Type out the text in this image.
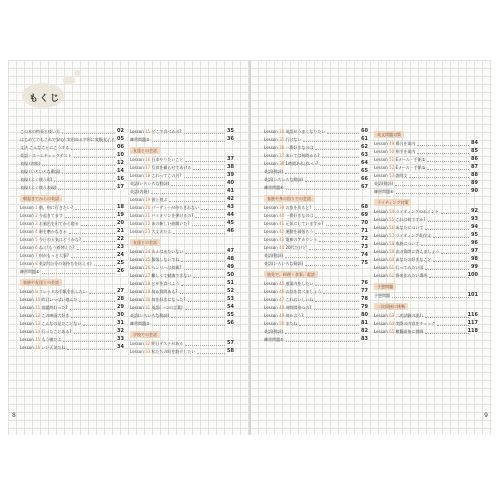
もくじ
この本の特長と使い方	02
はじめてでもこれで安心! 実用ゆる字形に変換ガイド 05
文法 こんなことにこうする	06
英語・ホームチェックテスト	10
表現 (初級)	12
表現 (いろいろな動詞)	14
表現 (よく使う形)	16
表現 (よく使う表現)	17
朝起きてからの英語
Lesson 1 朝、何に行きたい?	18
Lesson 2 今起きてます	19
Lesson 3 お風呂を出てから寝る	20
Lesson 4 歯を磨かなきゃ	21
Lesson 5 今日の天気はどうかな?	22
Lesson 6 ねえ!もう着替えた?	23
Lesson 7 何がもっと大事?	24
Lesson 8 英語!(自分の気持ちを伝える)	25
練習問題①	26
家族や友達との会話
Lesson 9 フレッドの手紙を出したい	27
Lesson 10 昨日いっぱい遊んだ	28
Lesson 11 宿題終わった?	29
Lesson 12 この映画大好き	30
Lesson 13 こんなの見たことない	31
Lesson 14 行ったことある?	32
Lesson 15 もう朝だよ	33
Lesson 16 いい天気だね	34
Lesson 15 どこで食べるの?	35
練習問題②	36
友達との会話
Lesson 16 日本やりたいこと	37
Lesson 17 写真を撮らせてあげる	38
Lesson 18 これってこの辺?	39
英語(いろいろな動詞)	40
英語(表現)	41
Lesson 19 彼と遊ぶ	42
Lesson 20 パーティーが待ちきれない	43
Lesson 21 バイオリンを弾けるの?	44
Lesson 22 あの新しい曲聞いた?	45
Lesson 23 大丈夫だよ	46
友達との会話
Lesson 24 カナはまだいない	47
Lesson 25 緊張しないでね	48
Lesson 26 ヘンリーは何歳?	49
Lesson 27 難しくて勉強できない	50
Lesson 28 ピザを食べよう	51
Lesson 29 何か質問ある?	52
Lesson 30 何を好きになった?	53
Lesson 31 英語(一つの言葉)	54
英語(いろいろな動詞)	55
練習問題③	56
学校での会話
Lesson 32 明日テストがある	57
Lesson 33 私たちの町を紹介したい	58
8
Lesson 34 英語がうまくなりたい	60
Lesson 35 行けない	61
Lesson 36 一番好きなのは	62
Lesson 37 あいては何時から?	63
Lesson 38 1時間あればいい?	64
英語(動詞)	65
英語(いろいろな動詞)	66
練習問題④	67
家族や身の回りでの会話
Lesson 39 お家を出ると?	68
Lesson 40 一番好きなのは	69
Lesson 41 元気にしていますか?	70
Lesson 42 運動を頑張ろう	71
Lesson 43 電車のアカウント	72
Lesson 44 20代だけど	73
英語(動詞)	74
英語(いろいろな動詞)	75
旅先で、料理・食事、電話
Lesson 45 道案内をしたい	76
Lesson 46 お昼を食べましょう	77
Lesson 47 これおいしいね	78
Lesson 48 何時間待つの?	79
Lesson 49 何か言う?	80
Lesson 50 またね	81
英語(動詞)	82
練習問題⑤	83
英文問題対策
Lesson 49 場合を案内	84
Lesson 50 相手を案内	85
Lesson 51 Eメール・手紙①	86
Lesson 52 Eメール・手紙②	87
Lesson 53 説明文	88
英語(動詞)	89
練習問題⑥	90
ライティング対策
Lesson 54 ライティングのポイント	92
Lesson 55 これは何ですか?	93
Lesson 56 あなたについて	94
Lesson 57 ライティング英作文	95
Lesson 58 家族について	96
Lesson 59 次の質問に答えましょう	97
Lesson 60 あなたの好きなこと	98
Lesson 61 行ってみたい国	99
Lesson 62 将来住みたい場所	100
予想問題
予想問題	101
二次面接に挑戦
Lesson 63 二次試験の流れ	116
Lesson 64 実際の内容をチェック	117
Lesson 65 模擬面接に挑戦	118
9
